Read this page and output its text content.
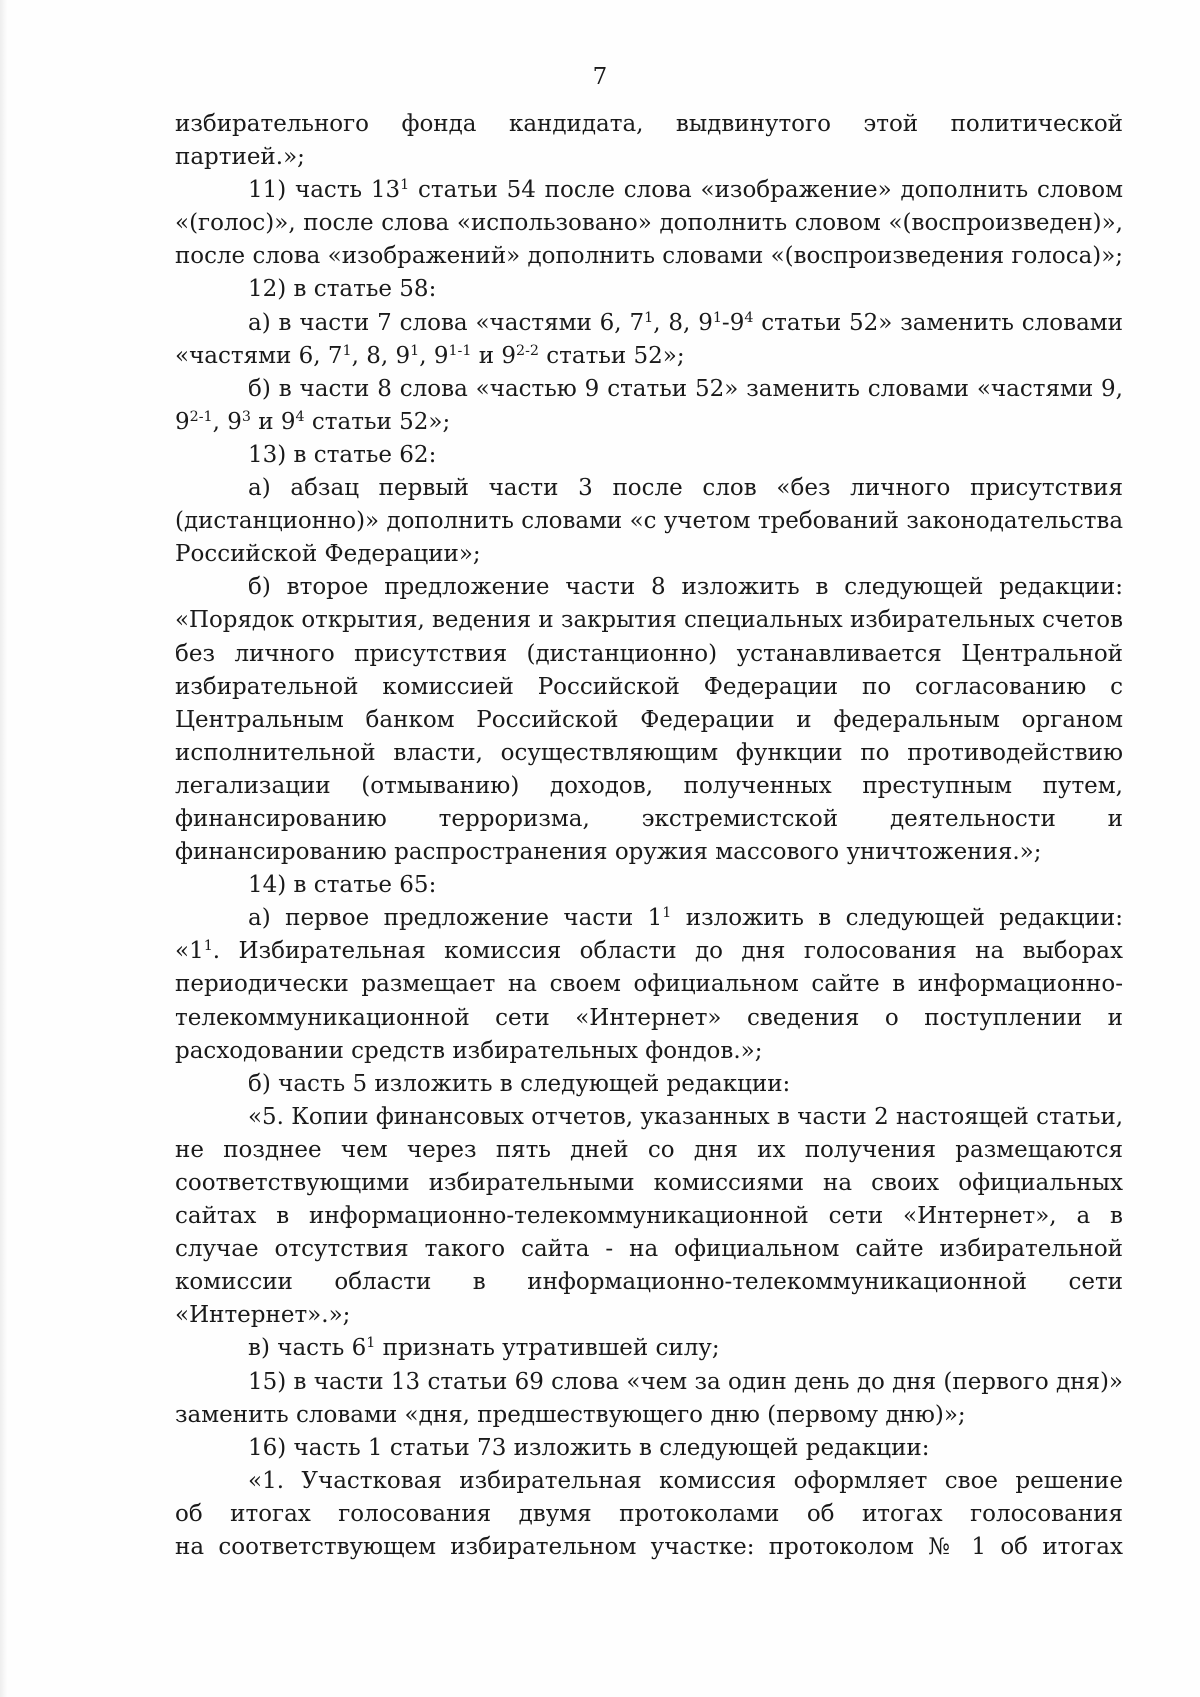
7
избирательного фонда кандидата, выдвинутого этой политической
партией.»;
11) часть $13^1$ статьи 54 после слова «изображение» дополнить словом
«(голос)», после слова «использовано» дополнить словом «(воспроизведен)»,
после слова «изображений» дополнить словами «(воспроизведения голоса)»;
12) в статье 58:
а) в части 7 слова «частями 6, $7^1$, 8, $9^1-9^4$ статьи 52» заменить словами
«частями 6, $7^1$, 8, $9^1$, 9$^{1-1}$ и 9$^{2-2}$ статьи 52»;
б) в части 8 слова «частью 9 статьи 52» заменить словами «частями 9,
9$^{2-1}$, $9^3$ и $9^4$ статьи 52»;
13) в статье 62:
а) абзац первый части 3 после слов «без личного присутствия
(дистанционно)» дополнить словами «с учетом требований законодательства
Российской Федерации»;
б) второе предложение части 8 изложить в следующей редакции:
«Порядок открытия, ведения и закрытия специальных избирательных счетов
без личного присутствия (дистанционно) устанавливается Центральной
избирательной комиссией Российской Федерации по согласованию с
Центральным банком Российской Федерации и федеральным органом
исполнительной власти, осуществляющим функции по противодействию
легализации (отмыванию) доходов, полученных преступным путем,
финансированию терроризма, экстремистской деятельности и
финансированию распространения оружия массового уничтожения.»;
14) в статье 65:
а) первое предложение части $1^1$ изложить в следующей редакции:
«$1^1$. Избирательная комиссия области до дня голосования на выборах
периодически размещает на своем официальном сайте в информационно-
телекоммуникационной сети «Интернет» сведения о поступлении и
расходовании средств избирательных фондов.»;
б) часть 5 изложить в следующей редакции:
«5. Копии финансовых отчетов, указанных в части 2 настоящей статьи,
не позднее чем через пять дней со дня их получения размещаются
соответствующими избирательными комиссиями на своих официальных
сайтах в информационно-телекоммуникационной сети «Интернет», а в
случае отсутствия такого сайта - на официальном сайте избирательной
комиссии области в информационно-телекоммуникационной сети
«Интернет».»;
в) часть $6^1$ признать утратившей силу;
15) в части 13 статьи 69 слова «чем за один день до дня (первого дня)»
заменить словами «дня, предшествующего дню (первому дню)»;
16) часть 1 статьи 73 изложить в следующей редакции:
«1. Участковая избирательная комиссия оформляет свое решение
об итогах голосования двумя протоколами об итогах голосования
на соответствующем избирательном участке: протоколом № 1 об итогах
